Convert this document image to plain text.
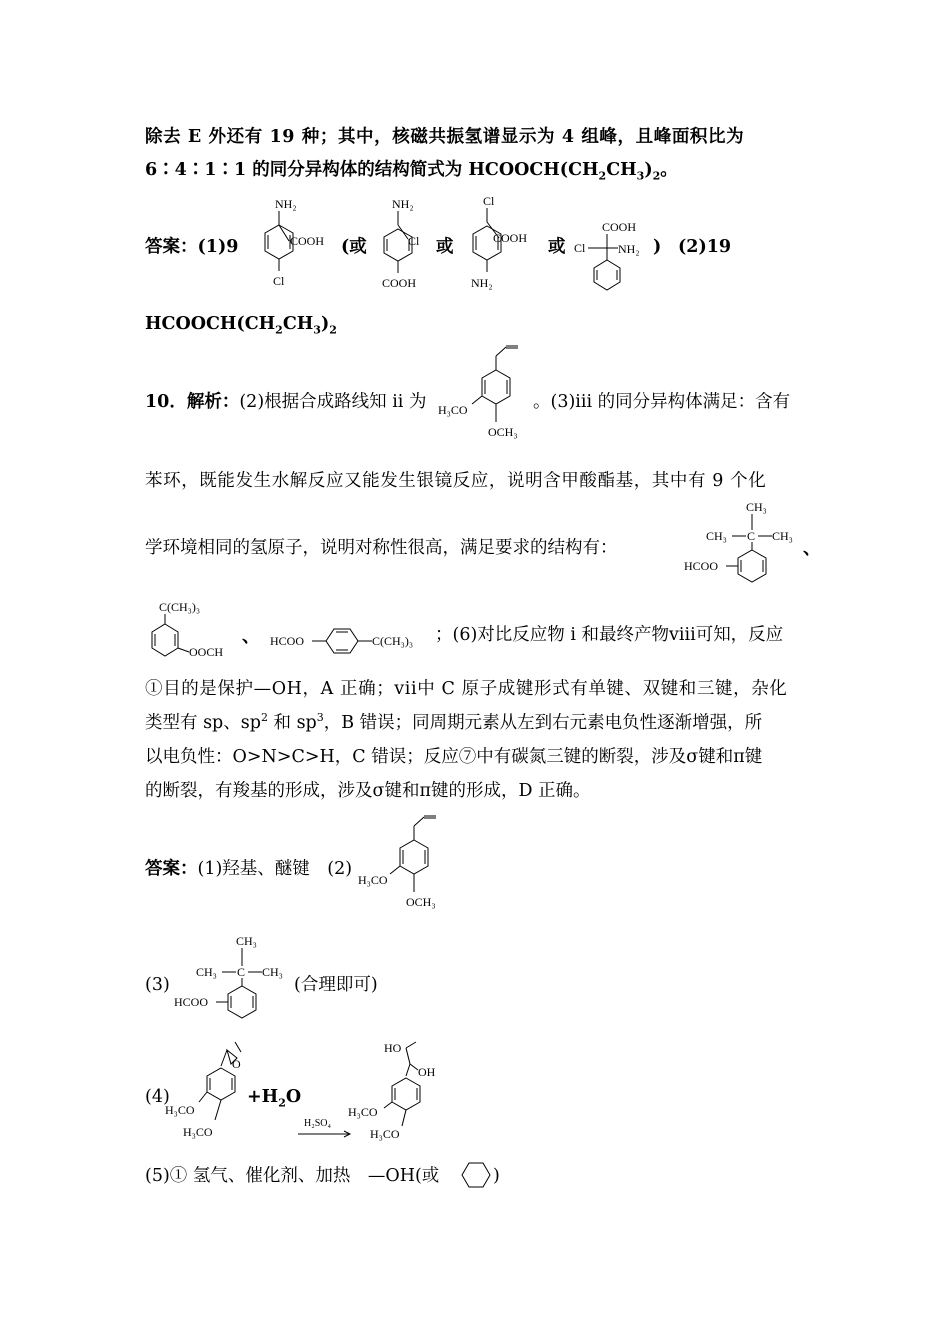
除去 E 外还有 19 种；其中，核磁共振氢谱显示为 4 组峰，且峰面积比为
6∶4∶1∶1 的同分异构体的结构简式为 $HCOOCH(CH_2CH_3)_2$。
答案：(1)9	(或	或	或	) (2)19
NH₂
COOH
Cl
NH₂
Cl
COOH
Cl
COOH
NH₂
COOH
Cl	NH₂
$HCOOCH(CH_2CH_3)_2$
10．解析：(2)根据合成路线知 ii 为	。(3)iii 的同分异构体满足：含有
H₃CO
OCH₃
苯环，既能发生水解反应又能发生银镜反应，说明含甲酸酯基，其中有 9 个化
学环境相同的氢原子，说明对称性很高，满足要求的结构有：
CH₃
CH₃ C CH₃
HCOO
、
C(CH₃)₃
OOCH
、 HCOO	C(CH₃)₃ ；(6)对比反应物 i 和最终产物viii可知，反应
①目的是保护—OH，A 正确；vii中 C 原子成键形式有单键、双键和三键，杂化
类型有 sp、$sp^2$ 和 $sp^3$，B 错误；同周期元素从左到右元素电负性逐渐增强，所
以电负性：O>N>C>H，C 错误；反应⑦中有碳氮三键的断裂，涉及σ键和π键
的断裂，有羧基的形成，涉及σ键和π键的形成，D 正确。
答案：(1)羟基、醚键　(2)
H₃CO
OCH₃
(3)
CH₃
CH₃ C CH₃
HCOO
(合理即可)
(4)
O
H₃CO
H₃CO
$+H_2O$
H₂SO₄
HO
OH
H₃CO
H₃CO
(5)① 氢气、催化剂、加热　—OH(或	)
